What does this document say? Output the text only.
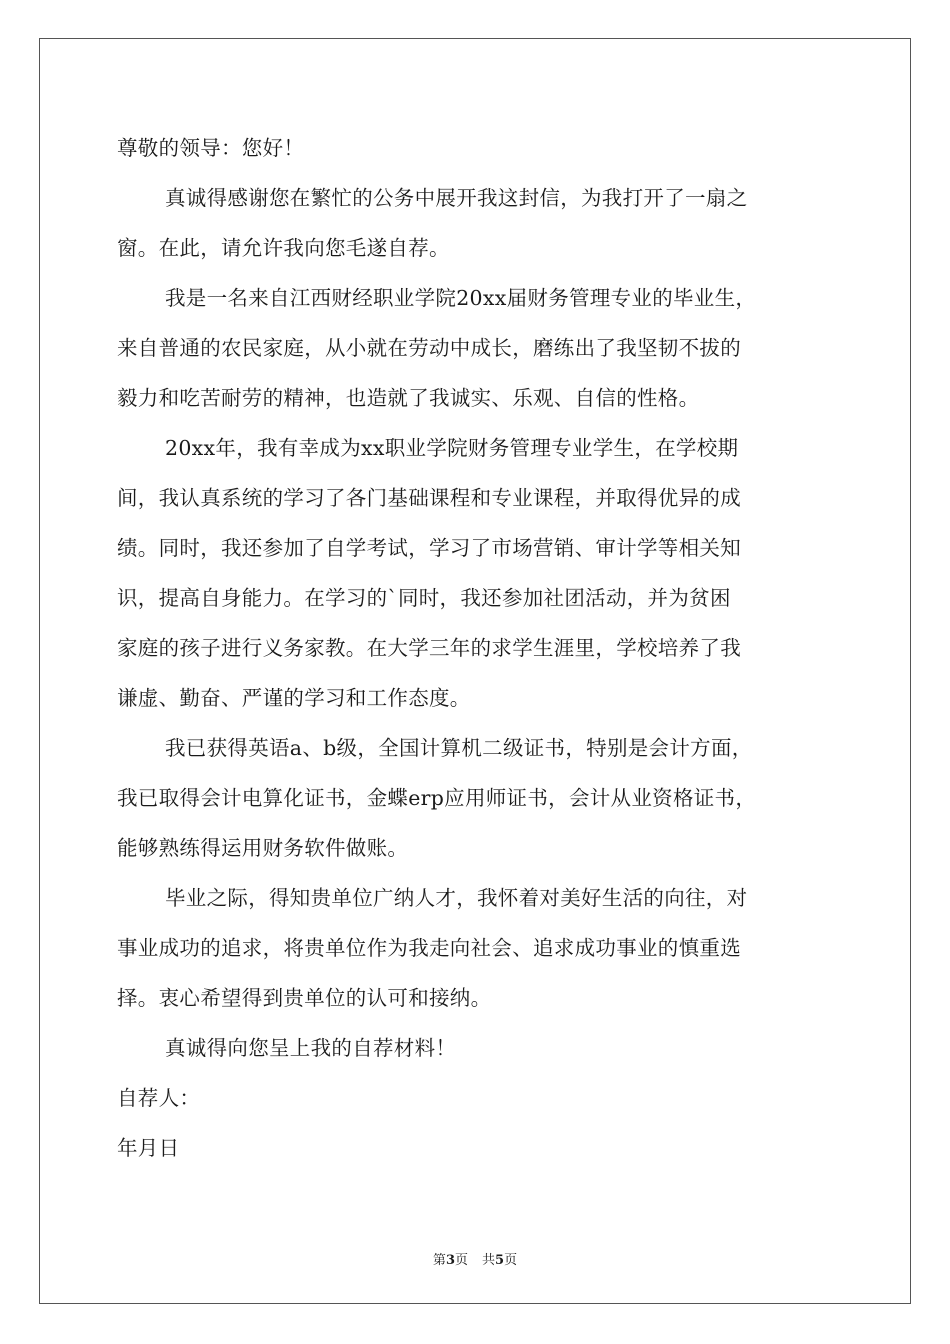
尊敬的领导：您好！
真诚得感谢您在繁忙的公务中展开我这封信，为我打开了一扇之
窗。在此，请允许我向您毛遂自荐。
我是一名来自江西财经职业学院20xx届财务管理专业的毕业生，
来自普通的农民家庭，从小就在劳动中成长，磨练出了我坚韧不拔的
毅力和吃苦耐劳的精神，也造就了我诚实、乐观、自信的性格。
20xx年，我有幸成为xx职业学院财务管理专业学生，在学校期
间，我认真系统的学习了各门基础课程和专业课程，并取得优异的成
绩。同时，我还参加了自学考试，学习了市场营销、审计学等相关知
识，提高自身能力。在学习的`同时，我还参加社团活动，并为贫困
家庭的孩子进行义务家教。在大学三年的求学生涯里，学校培养了我
谦虚、勤奋、严谨的学习和工作态度。
我已获得英语a、b级，全国计算机二级证书，特别是会计方面，
我已取得会计电算化证书，金蝶erp应用师证书，会计从业资格证书，
能够熟练得运用财务软件做账。
毕业之际，得知贵单位广纳人才，我怀着对美好生活的向往，对
事业成功的追求，将贵单位作为我走向社会、追求成功事业的慎重选
择。衷心希望得到贵单位的认可和接纳。
真诚得向您呈上我的自荐材料！
自荐人：
年月日
第3页 共5页
